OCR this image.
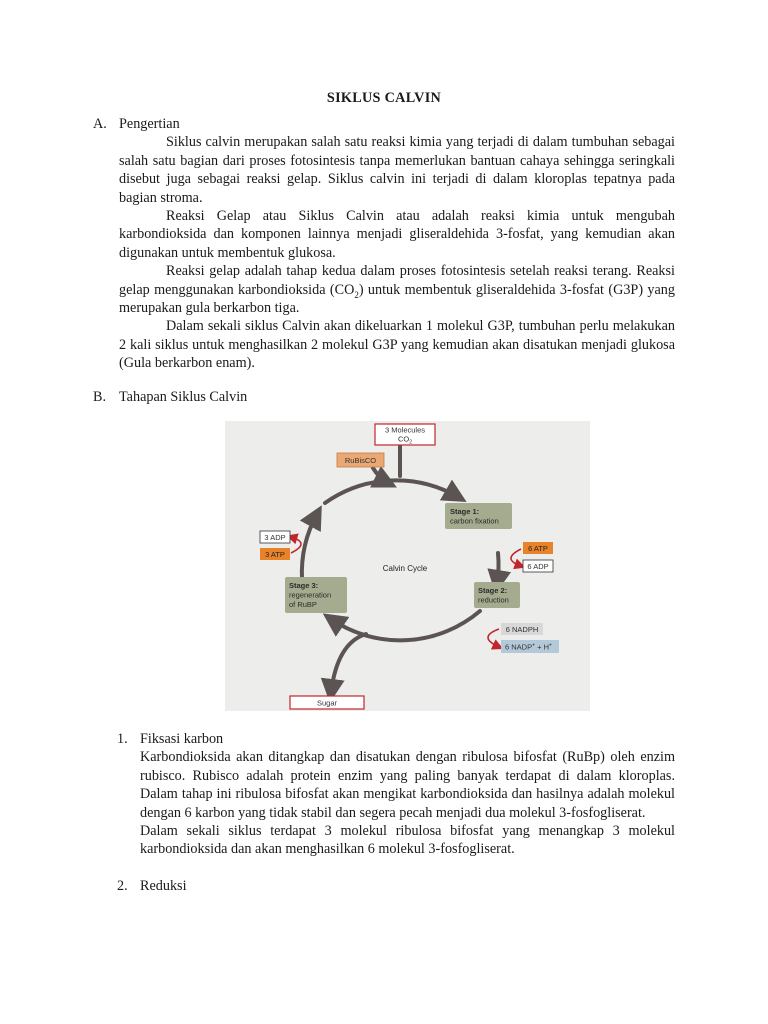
SIKLUS CALVIN
A. Pengertian

Siklus calvin merupakan salah satu reaksi kimia yang terjadi di dalam tumbuhan sebagai salah satu bagian dari proses fotosintesis tanpa memerlukan bantuan cahaya sehingga seringkali disebut juga sebagai reaksi gelap. Siklus calvin ini terjadi di dalam kloroplas tepatnya pada bagian stroma.

Reaksi Gelap atau Siklus Calvin atau adalah reaksi kimia untuk mengubah karbondioksida dan komponen lainnya menjadi gliseraldehida 3-fosfat, yang kemudian akan digunakan untuk membentuk glukosa.

Reaksi gelap adalah tahap kedua dalam proses fotosintesis setelah reaksi terang. Reaksi gelap menggunakan karbondioksida $(CO_2)$ untuk membentuk gliseraldehida 3-fosfat (G3P) yang merupakan gula berkarbon tiga.

Dalam sekali siklus Calvin akan dikeluarkan 1 molekul G3P, tumbuhan perlu melakukan 2 kali siklus untuk menghasilkan 2 molekul G3P yang kemudian akan disatukan menjadi glukosa (Gula berkarbon enam).

B. Tahapan Siklus Calvin
3 Molecules
$CO_2$
RuBisCO
Stage 1:
carbon fixation
Stage 2:
reduction
Stage 3:
regeneration
of RuBP
Calvin Cycle
3 ADP
3 ATP
6 ATP
6 ADP
6 NADPH
6 NADP+ + H+
Sugar
1. Fiksasi karbon

Karbondioksida akan ditangkap dan disatukan dengan ribulosa bifosfat (RuBp) oleh enzim rubisco. Rubisco adalah protein enzim yang paling banyak terdapat di dalam kloroplas. Dalam tahap ini ribulosa bifosfat akan mengikat karbondioksida dan hasilnya adalah molekul dengan 6 karbon yang tidak stabil dan segera pecah menjadi dua molekul 3-fosfogliserat.

Dalam sekali siklus terdapat 3 molekul ribulosa bifosfat yang menangkap 3 molekul karbondioksida dan akan menghasilkan 6 molekul 3-fosfogliserat.

2. Reduksi
